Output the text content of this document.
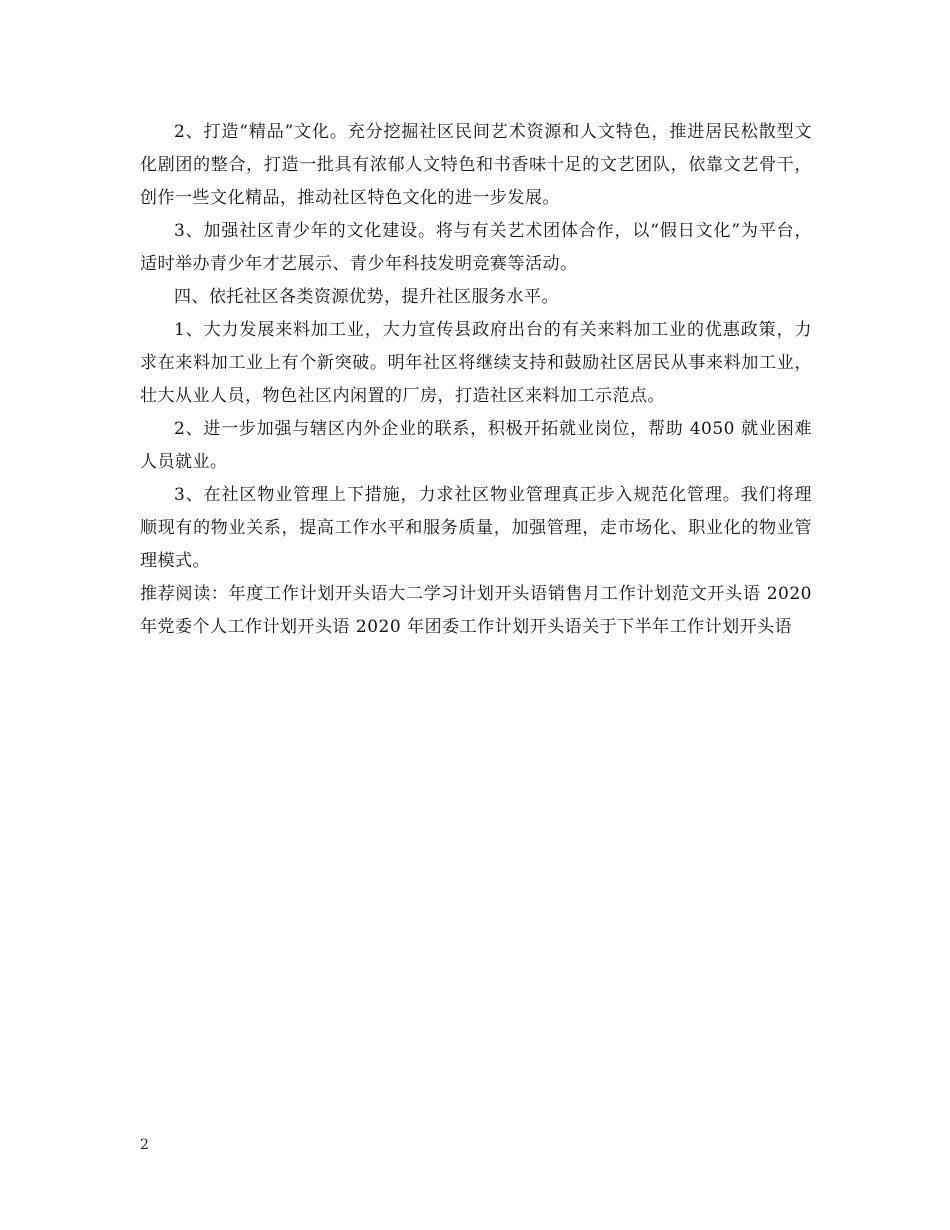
2、打造“精品”文化。充分挖掘社区民间艺术资源和人文特色，推进居民松散型文化剧团的整合，打造一批具有浓郁人文特色和书香味十足的文艺团队，依靠文艺骨干，创作一些文化精品，推动社区特色文化的进一步发展。

3、加强社区青少年的文化建设。将与有关艺术团体合作，以“假日文化”为平台，适时举办青少年才艺展示、青少年科技发明竞赛等活动。

四、依托社区各类资源优势，提升社区服务水平。

1、大力发展来料加工业，大力宣传县政府出台的有关来料加工业的优惠政策，力求在来料加工业上有个新突破。明年社区将继续支持和鼓励社区居民从事来料加工业，壮大从业人员，物色社区内闲置的厂房，打造社区来料加工示范点。

2、进一步加强与辖区内外企业的联系，积极开拓就业岗位，帮助 4050 就业困难人员就业。

3、在社区物业管理上下措施，力求社区物业管理真正步入规范化管理。我们将理顺现有的物业关系，提高工作水平和服务质量，加强管理，走市场化、职业化的物业管理模式。

推荐阅读：年度工作计划开头语大二学习计划开头语销售月工作计划范文开头语 2020 年党委个人工作计划开头语 2020 年团委工作计划开头语关于下半年工作计划开头语

2
